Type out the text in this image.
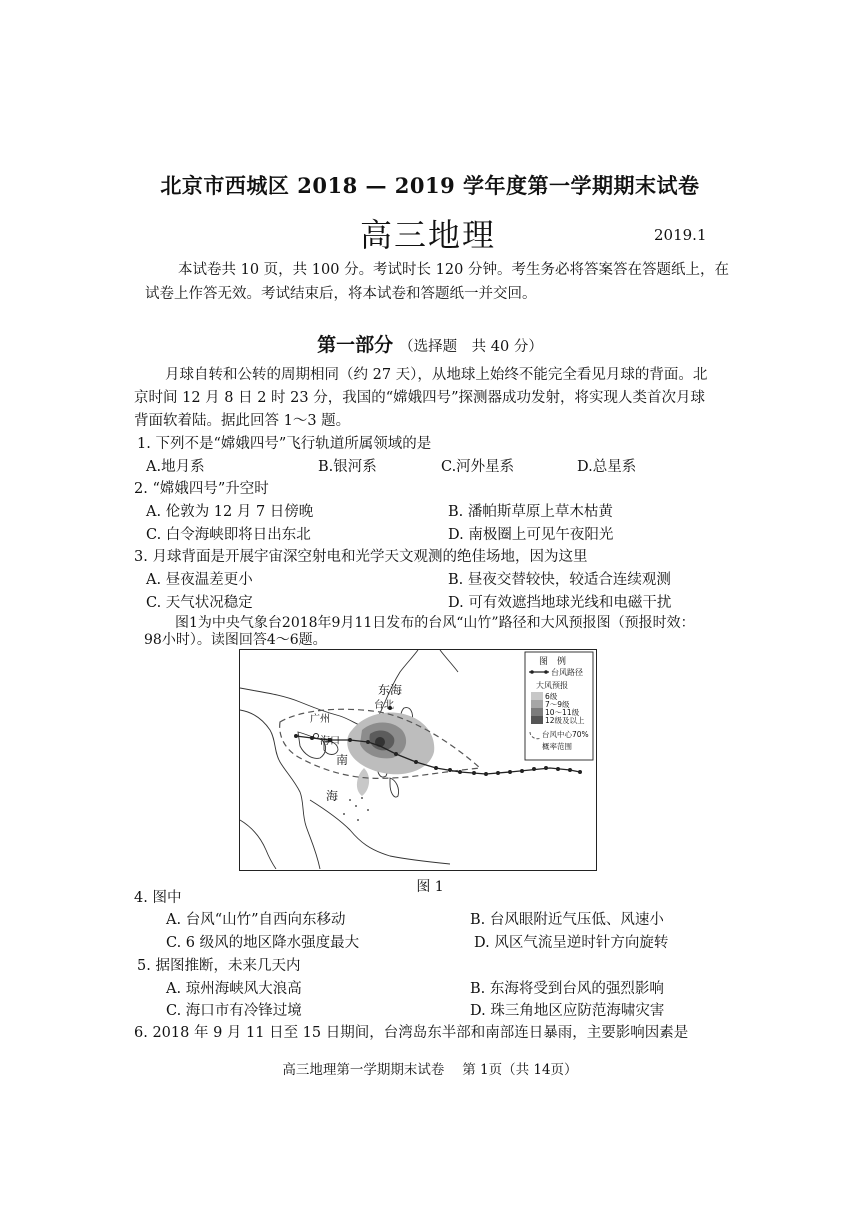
北京市西城区 2018 — 2019 学年度第一学期期末试卷
高三地理	2019.1
本试卷共 10 页，共 100 分。考试时长 120 分钟。考生务必将答案答在答题纸上，在
试卷上作答无效。考试结束后，将本试卷和答题纸一并交回。
第一部分 （选择题　共 40 分）
月球自转和公转的周期相同（约 27 天），从地球上始终不能完全看见月球的背面。北
京时间 12 月 8 日 2 时 23 分，我国的“嫦娥四号”探测器成功发射，将实现人类首次月球
背面软着陆。据此回答 1～3 题。
1. 下列不是“嫦娥四号”飞行轨道所属领域的是
A.地月系	B.银河系	C.河外星系	D.总星系
2. “嫦娥四号”升空时
A. 伦敦为 12 月 7 日傍晚	B. 潘帕斯草原上草木枯黄
C. 白令海峡即将日出东北	D. 南极圈上可见午夜阳光
3. 月球背面是开展宇宙深空射电和光学天文观测的绝佳场地，因为这里
A. 昼夜温差更小	B. 昼夜交替较快，较适合连续观测
C. 天气状况稳定	D. 可有效遮挡地球光线和电磁干扰
图1为中央气象台2018年9月11日发布的台风“山竹”路径和大风预报图（预报时效：
98小时）。读图回答4～6题。
东海
台北
广州
海口
南
海
图　例
台风路径
大风预报
6级
7～9级
10～11级
12级及以上
台风中心70%
概率范围
图 1
4. 图中
A. 台风“山竹”自西向东移动	B. 台风眼附近气压低、风速小
C. 6 级风的地区降水强度最大	D. 风区气流呈逆时针方向旋转
5. 据图推断，未来几天内
A. 琼州海峡风大浪高	B. 东海将受到台风的强烈影响
C. 海口市有冷锋过境	D. 珠三角地区应防范海啸灾害
6. 2018 年 9 月 11 日至 15 日期间，台湾岛东半部和南部连日暴雨，主要影响因素是
高三地理第一学期期末试卷　 第 1页（共 14页）
